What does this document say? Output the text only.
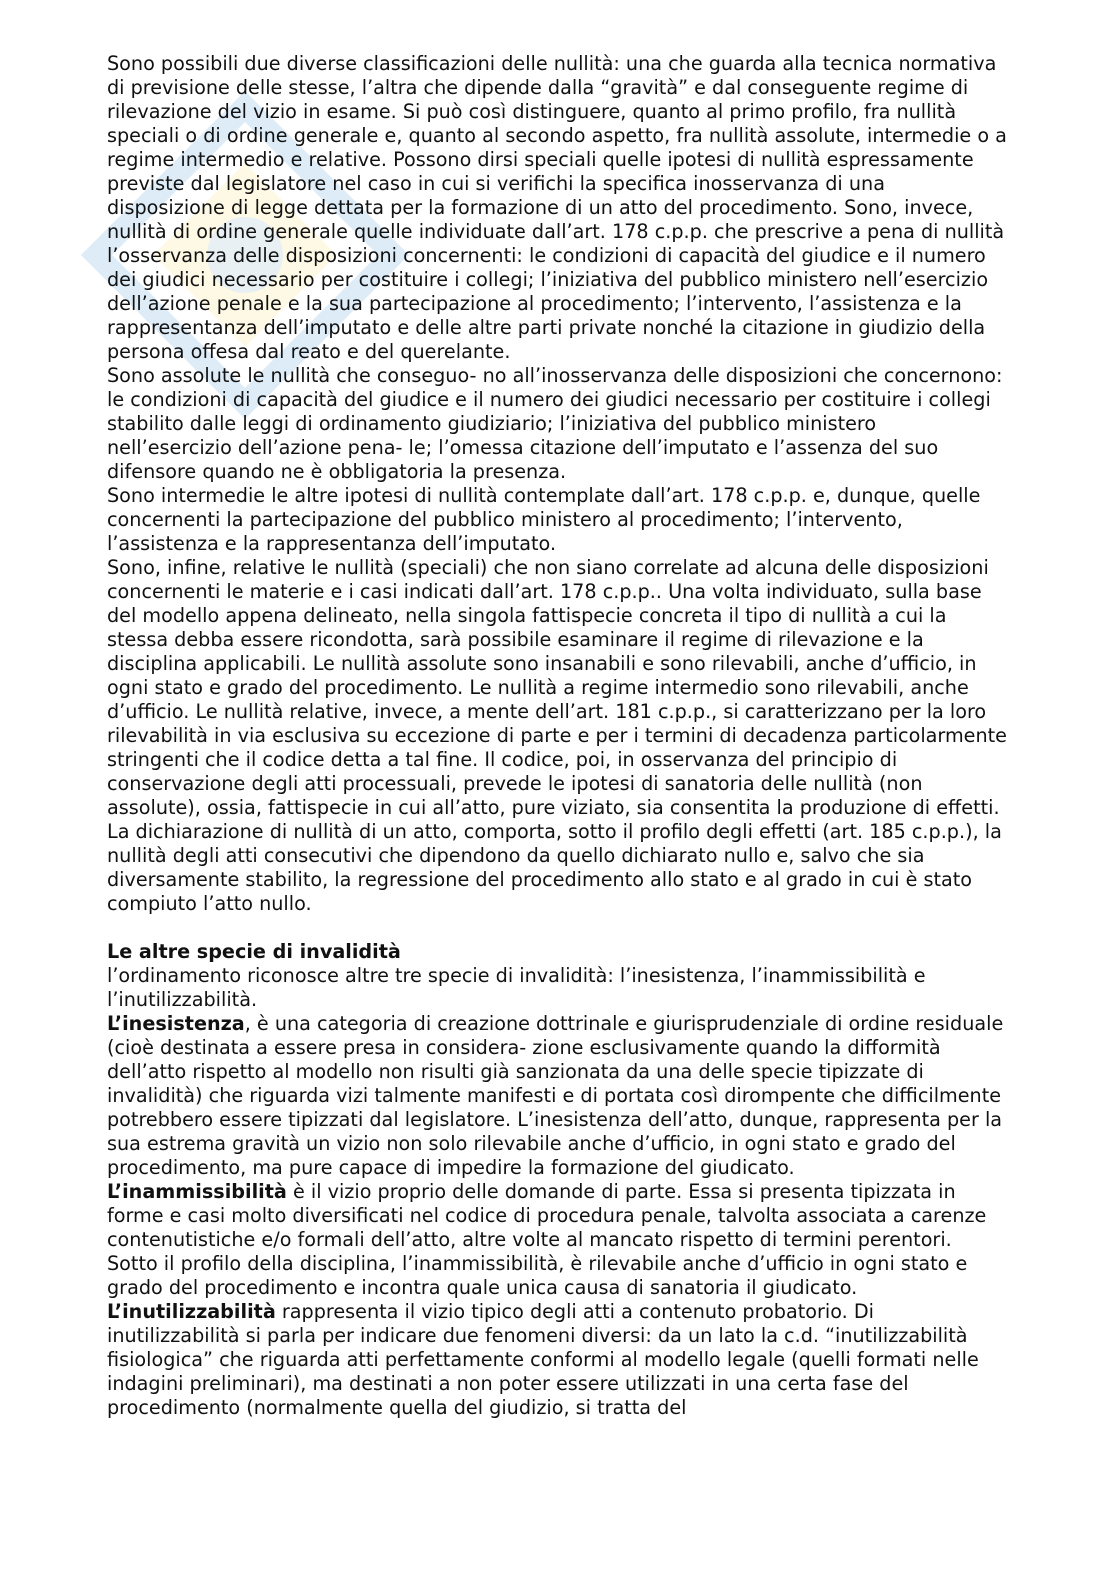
Sono possibili due diverse classificazioni delle nullità: una che guarda alla tecnica normativa di previsione delle stesse, l’altra che dipende dalla “gravità” e dal conseguente regime di rilevazione del vizio in esame. Si può così distinguere, quanto al primo profilo, fra nullità speciali o di ordine generale e, quanto al secondo aspetto, fra nullità assolute, intermedie o a regime intermedio e relative. Possono dirsi speciali quelle ipotesi di nullità espressamente previste dal legislatore nel caso in cui si verifichi la specifica inosservanza di una disposizione di legge dettata per la formazione di un atto del procedimento. Sono, invece, nullità di ordine generale quelle individuate dall’art. 178 c.p.p. che prescrive a pena di nullità l’osservanza delle disposizioni concernenti: le condizioni di capacità del giudice e il numero dei giudici necessario per costituire i collegi; l’iniziativa del pubblico ministero nell’esercizio dell’azione penale e la sua partecipazione al procedimento; l’intervento, l’assistenza e la rappresentanza dell’imputato e delle altre parti private nonché la citazione in giudizio della persona offesa dal reato e del querelante.

Sono assolute le nullità che conseguo- no all’inosservanza delle disposizioni che concernono: le condizioni di capacità del giudice e il numero dei giudici necessario per costituire i collegi stabilito dalle leggi di ordinamento giudiziario; l’iniziativa del pubblico ministero nell’esercizio dell’azione pena- le; l’omessa citazione dell’imputato e l’assenza del suo difensore quando ne è obbligatoria la presenza.

Sono intermedie le altre ipotesi di nullità contemplate dall’art. 178 c.p.p. e, dunque, quelle concernenti la partecipazione del pubblico ministero al procedimento; l’intervento, l’assistenza e la rappresentanza dell’imputato.

Sono, infine, relative le nullità (speciali) che non siano correlate ad alcuna delle disposizioni concernenti le materie e i casi indicati dall’art. 178 c.p.p.. Una volta individuato, sulla base del modello appena delineato, nella singola fattispecie concreta il tipo di nullità a cui la stessa debba essere ricondotta, sarà possibile esaminare il regime di rilevazione e la disciplina applicabili. Le nullità assolute sono insanabili e sono rilevabili, anche d’ufficio, in ogni stato e grado del procedimento. Le nullità a regime intermedio sono rilevabili, anche d’ufficio. Le nullità relative, invece, a mente dell’art. 181 c.p.p., si caratterizzano per la loro rilevabilità in via esclusiva su eccezione di parte e per i termini di decadenza particolarmente stringenti che il codice detta a tal fine. Il codice, poi, in osservanza del principio di conservazione degli atti processuali, prevede le ipotesi di sanatoria delle nullità (non assolute), ossia, fattispecie in cui all’atto, pure viziato, sia consentita la produzione di effetti. La dichiarazione di nullità di un atto, comporta, sotto il profilo degli effetti (art. 185 c.p.p.), la nullità degli atti consecutivi che dipendono da quello dichiarato nullo e, salvo che sia diversamente stabilito, la regressione del procedimento allo stato e al grado in cui è stato compiuto l’atto nullo.

Le altre specie di invalidità

l’ordinamento riconosce altre tre specie di invalidità: l’inesistenza, l’inammissibilità e l’inutilizzabilità.

L’inesistenza, è una categoria di creazione dottrinale e giurisprudenziale di ordine residuale (cioè destinata a essere presa in considera- zione esclusivamente quando la difformità dell’atto rispetto al modello non risulti già sanzionata da una delle specie tipizzate di invalidità) che riguarda vizi talmente manifesti e di portata così dirompente che difficilmente potrebbero essere tipizzati dal legislatore. L’inesistenza dell’atto, dunque, rappresenta per la sua estrema gravità un vizio non solo rilevabile anche d’ufficio, in ogni stato e grado del procedimento, ma pure capace di impedire la formazione del giudicato.

L’inammissibilità è il vizio proprio delle domande di parte. Essa si presenta tipizzata in forme e casi molto diversificati nel codice di procedura penale, talvolta associata a carenze contenutistiche e/o formali dell’atto, altre volte al mancato rispetto di termini perentori. Sotto il profilo della disciplina, l’inammissibilità, è rilevabile anche d’ufficio in ogni stato e grado del procedimento e incontra quale unica causa di sanatoria il giudicato.

L’inutilizzabilità rappresenta il vizio tipico degli atti a contenuto probatorio. Di inutilizzabilità si parla per indicare due fenomeni diversi: da un lato la c.d. “inutilizzabilità fisiologica” che riguarda atti perfettamente conformi al modello legale (quelli formati nelle indagini preliminari), ma destinati a non poter essere utilizzati in una certa fase del procedimento (normalmente quella del giudizio, si tratta del
